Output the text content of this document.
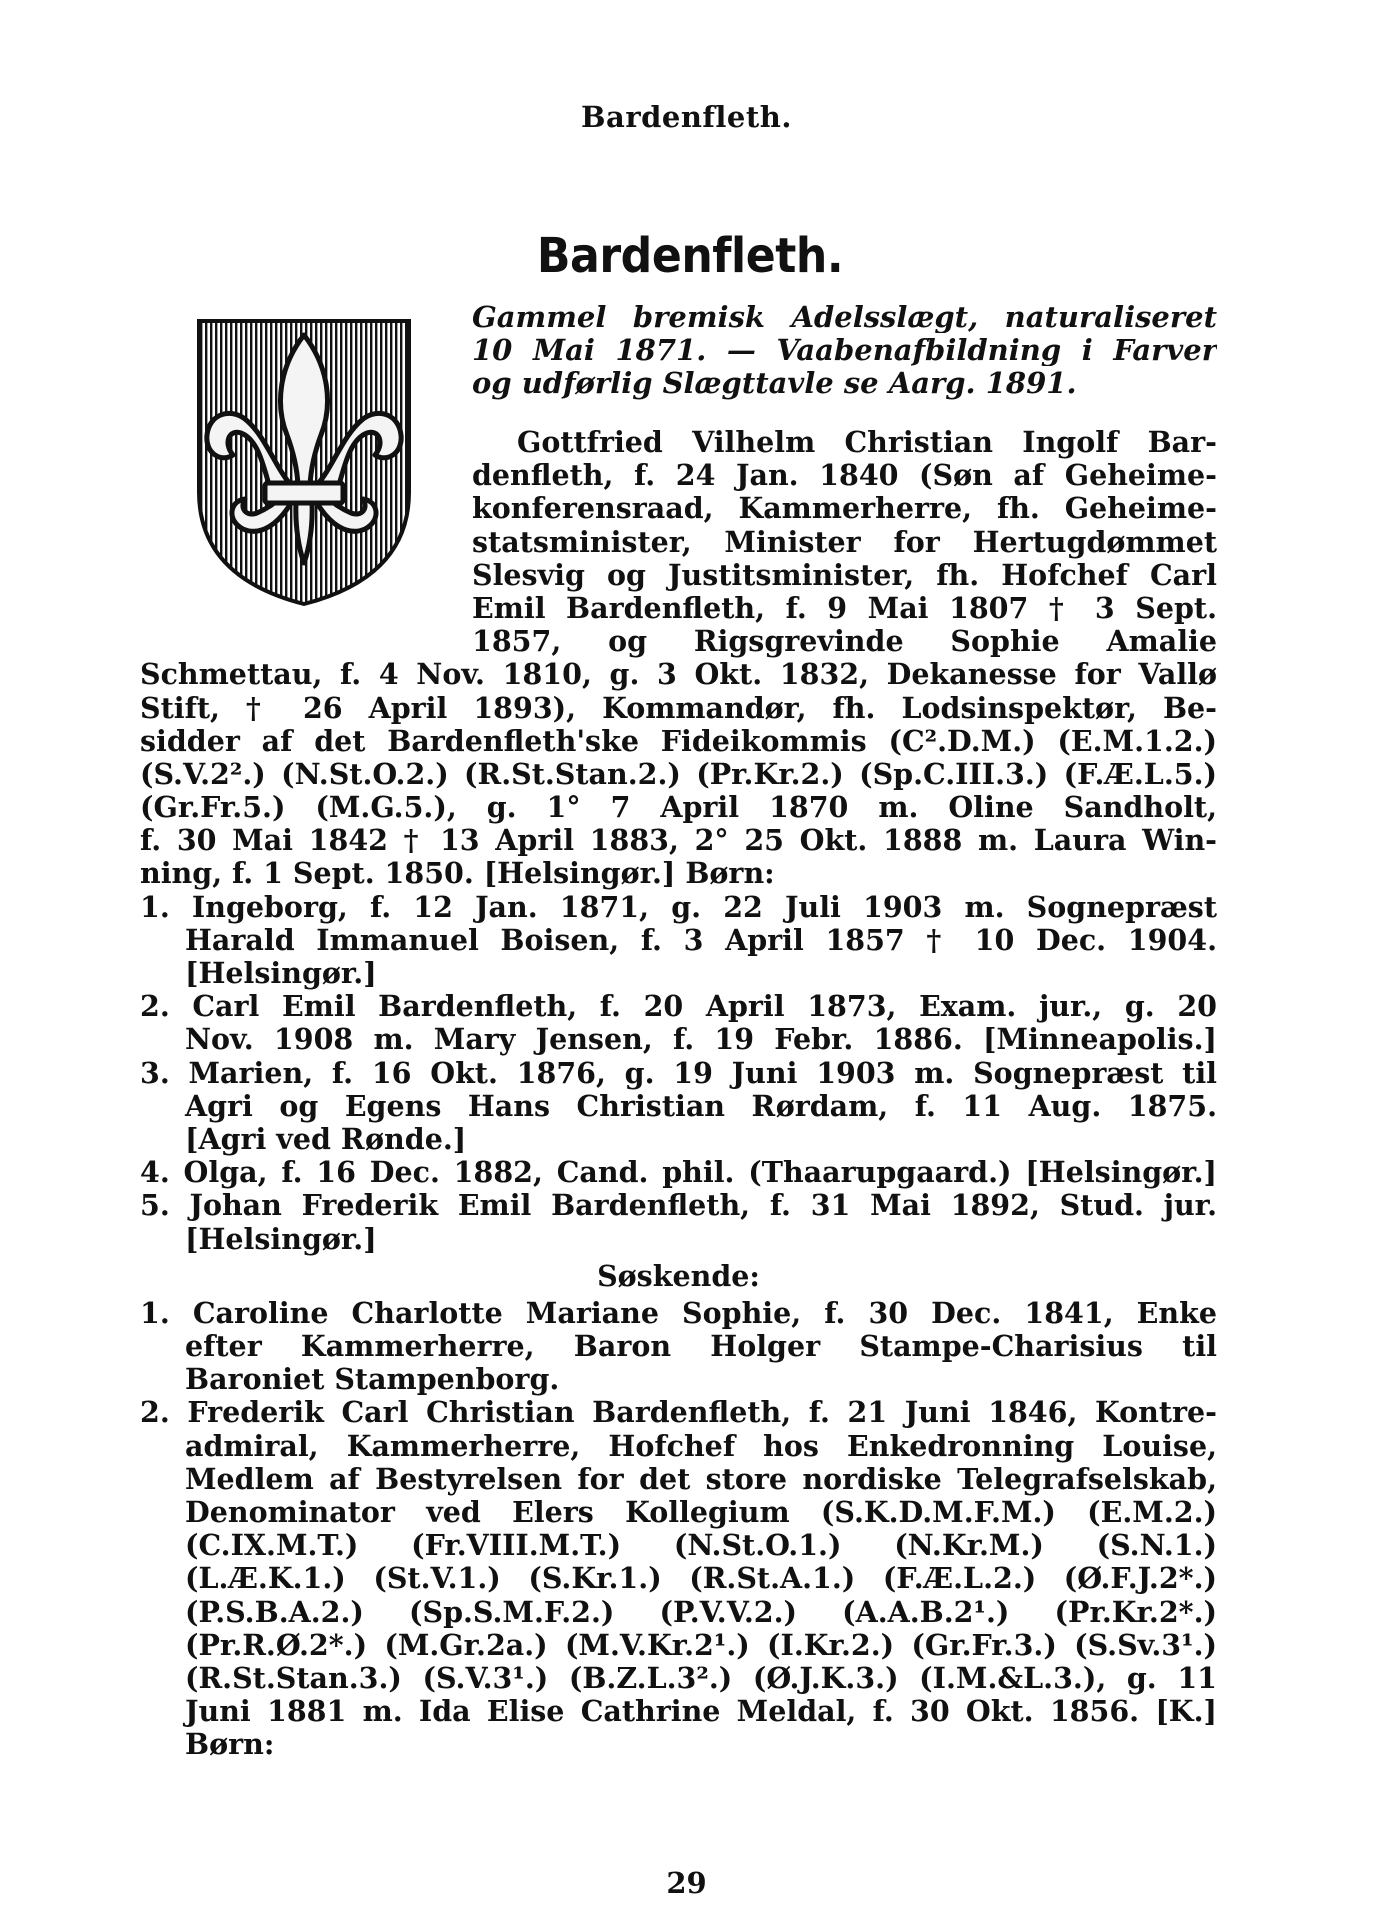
Bardenfleth.
Bardenfleth.
Gammel bremisk Adelsslægt, naturaliseret
10 Mai 1871. — Vaabenafbildning i Farver
og udførlig Slægttavle se Aarg. 1891.
Gottfried Vilhelm Christian Ingolf Bar-
denfleth, f. 24 Jan. 1840 (Søn af Geheime-
konferensraad, Kammerherre, fh. Geheime-
statsminister, Minister for Hertugdømmet
Slesvig og Justitsminister, fh. Hofchef Carl
Emil Bardenfleth, f. 9 Mai 1807 † 3 Sept.
1857, og Rigsgrevinde Sophie Amalie
Schmettau, f. 4 Nov. 1810, g. 3 Okt. 1832, Dekanesse for Vallø
Stift, † 26 April 1893), Kommandør, fh. Lodsinspektør, Be-
sidder af det Bardenfleth'ske Fideikommis (C².D.M.) (E.M.1.2.)
(S.V.2².) (N.St.O.2.) (R.St.Stan.2.) (Pr.Kr.2.) (Sp.C.III.3.) (F.Æ.L.5.)
(Gr.Fr.5.) (M.G.5.), g. 1° 7 April 1870 m. Oline Sandholt,
f. 30 Mai 1842 † 13 April 1883, 2° 25 Okt. 1888 m. Laura Win-
ning, f. 1 Sept. 1850. [Helsingør.] Børn:
1. Ingeborg, f. 12 Jan. 1871, g. 22 Juli 1903 m. Sognepræst
Harald Immanuel Boisen, f. 3 April 1857 † 10 Dec. 1904.
[Helsingør.]
2. Carl Emil Bardenfleth, f. 20 April 1873, Exam. jur., g. 20
Nov. 1908 m. Mary Jensen, f. 19 Febr. 1886. [Minneapolis.]
3. Marien, f. 16 Okt. 1876, g. 19 Juni 1903 m. Sognepræst til
Agri og Egens Hans Christian Rørdam, f. 11 Aug. 1875.
[Agri ved Rønde.]
4. Olga, f. 16 Dec. 1882, Cand. phil. (Thaarupgaard.) [Helsingør.]
5. Johan Frederik Emil Bardenfleth, f. 31 Mai 1892, Stud. jur.
[Helsingør.]
Søskende:
1. Caroline Charlotte Mariane Sophie, f. 30 Dec. 1841, Enke
efter Kammerherre, Baron Holger Stampe-Charisius til
Baroniet Stampenborg.
2. Frederik Carl Christian Bardenfleth, f. 21 Juni 1846, Kontre-
admiral, Kammerherre, Hofchef hos Enkedronning Louise,
Medlem af Bestyrelsen for det store nordiske Telegrafselskab,
Denominator ved Elers Kollegium (S.K.D.M.F.M.) (E.M.2.)
(C.IX.M.T.) (Fr.VIII.M.T.) (N.St.O.1.) (N.Kr.M.) (S.N.1.)
(L.Æ.K.1.) (St.V.1.) (S.Kr.1.) (R.St.A.1.) (F.Æ.L.2.) (Ø.F.J.2*.)
(P.S.B.A.2.) (Sp.S.M.F.2.) (P.V.V.2.) (A.A.B.2¹.) (Pr.Kr.2*.)
(Pr.R.Ø.2*.) (M.Gr.2a.) (M.V.Kr.2¹.) (I.Kr.2.) (Gr.Fr.3.) (S.Sv.3¹.)
(R.St.Stan.3.) (S.V.3¹.) (B.Z.L.3².) (Ø.J.K.3.) (I.M.&L.3.), g. 11
Juni 1881 m. Ida Elise Cathrine Meldal, f. 30 Okt. 1856. [K.]
Børn:
29
